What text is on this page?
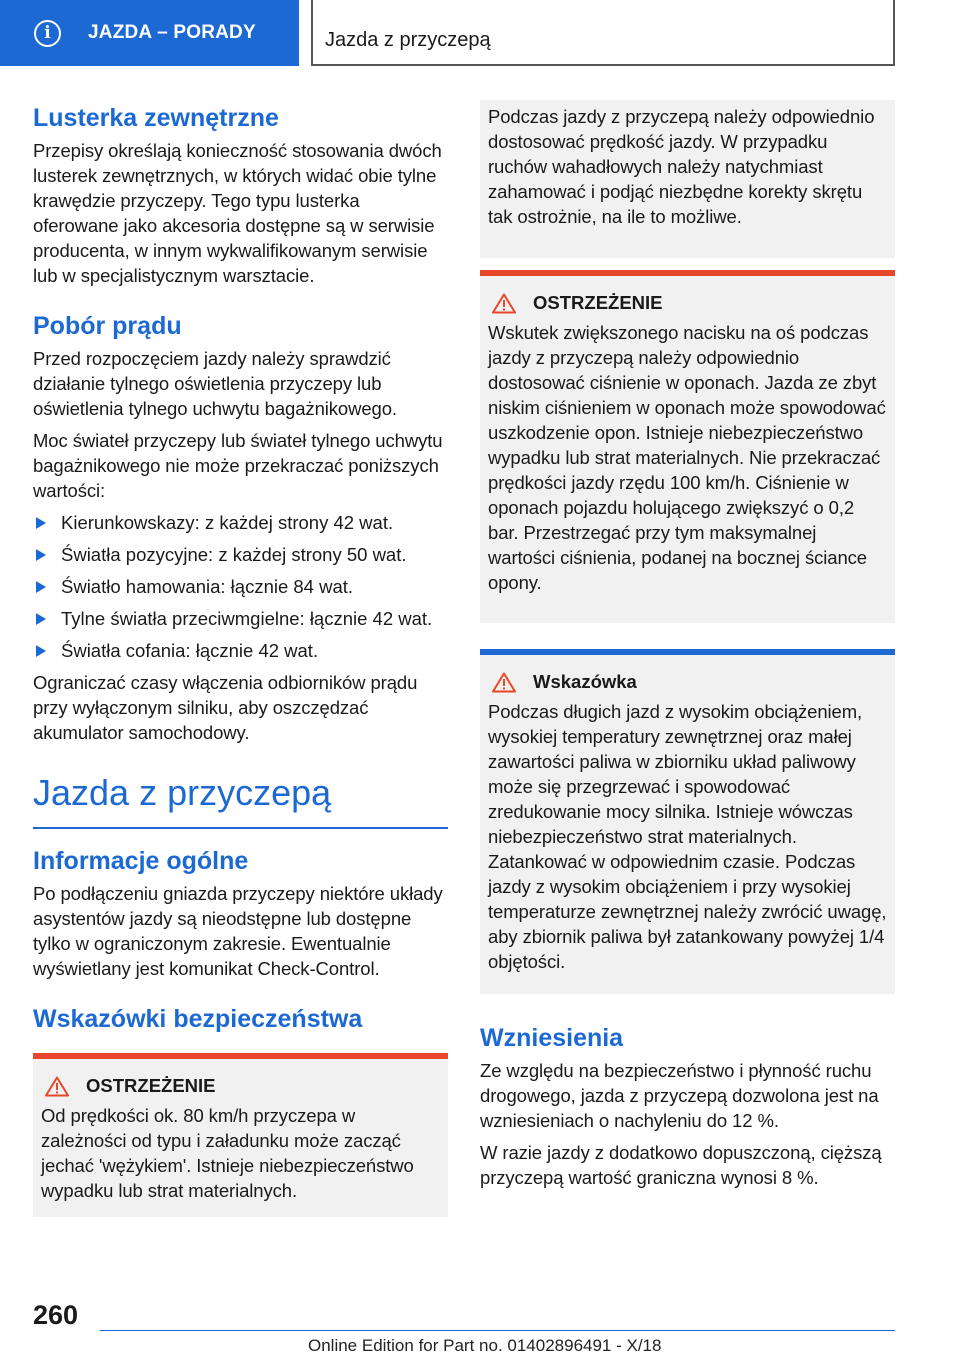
i	JAZDA – PORADY	Jazda z przyczepą
Lusterka zewnętrzne

Przepisy określają konieczność stosowania dwóch lusterek zewnętrznych, w których widać obie tylne krawędzie przyczepy. Tego typu lusterka oferowane jako akcesoria dostępne są w serwisie producenta, w innym wykwalifikowanym serwisie lub w specjalistycznym warsztacie.

Pobór prądu

Przed rozpoczęciem jazdy należy sprawdzić działanie tylnego oświetlenia przyczepy lub oświetlenia tylnego uchwytu bagażnikowego.

Moc świateł przyczepy lub świateł tylnego uchwytu bagażnikowego nie może przekraczać poniższych wartości:

Kierunkowskazy: z każdej strony 42 wat.
Światła pozycyjne: z każdej strony 50 wat.
Światło hamowania: łącznie 84 wat.
Tylne światła przeciwmgielne: łącznie 42 wat.
Światła cofania: łącznie 42 wat.

Ograniczać czasy włączenia odbiorników prądu przy wyłączonym silniku, aby oszczędzać akumulator samochodowy.

Jazda z przyczepą
Informacje ogólne

Po podłączeniu gniazda przyczepy niektóre układy asystentów jazdy są nieodstępne lub dostępne tylko w ograniczonym zakresie. Ewentualnie wyświetlany jest komunikat Check-Control.

Wskazówki bezpieczeństwa
OSTRZEŻENIE

Od prędkości ok. 80 km/h przyczepa w zależności od typu i załadunku może zacząć jechać 'wężykiem'. Istnieje niebezpieczeństwo wypadku lub strat materialnych.

Podczas jazdy z przyczepą należy odpowiednio dostosować prędkość jazdy. W przypadku ruchów wahadłowych należy natychmiast zahamować i podjąć niezbędne korekty skrętu tak ostrożnie, na ile to możliwe.

OSTRZEŻENIE

Wskutek zwiększonego nacisku na oś podczas jazdy z przyczepą należy odpowiednio dostosować ciśnienie w oponach. Jazda ze zbyt niskim ciśnieniem w oponach może spowodować uszkodzenie opon. Istnieje niebezpieczeństwo wypadku lub strat materialnych. Nie przekraczać prędkości jazdy rzędu 100 km/h. Ciśnienie w oponach pojazdu holującego zwiększyć o 0,2 bar. Przestrzegać przy tym maksymalnej wartości ciśnienia, podanej na bocznej ściance opony.

Wskazówka

Podczas długich jazd z wysokim obciążeniem, wysokiej temperatury zewnętrznej oraz małej zawartości paliwa w zbiorniku układ paliwowy może się przegrzewać i spowodować zredukowanie mocy silnika. Istnieje wówczas niebezpieczeństwo strat materialnych. Zatankować w odpowiednim czasie. Podczas jazdy z wysokim obciążeniem i przy wysokiej temperaturze zewnętrznej należy zwrócić uwagę, aby zbiornik paliwa był zatankowany powyżej 1/4 objętości.

Wzniesienia

Ze względu na bezpieczeństwo i płynność ruchu drogowego, jazda z przyczepą dozwolona jest na wzniesieniach o nachyleniu do 12 %.

W razie jazdy z dodatkowo dopuszczoną, cięższą przyczepą wartość graniczna wynosi 8 %.

260
Online Edition for Part no. 01402896491 - X/18
